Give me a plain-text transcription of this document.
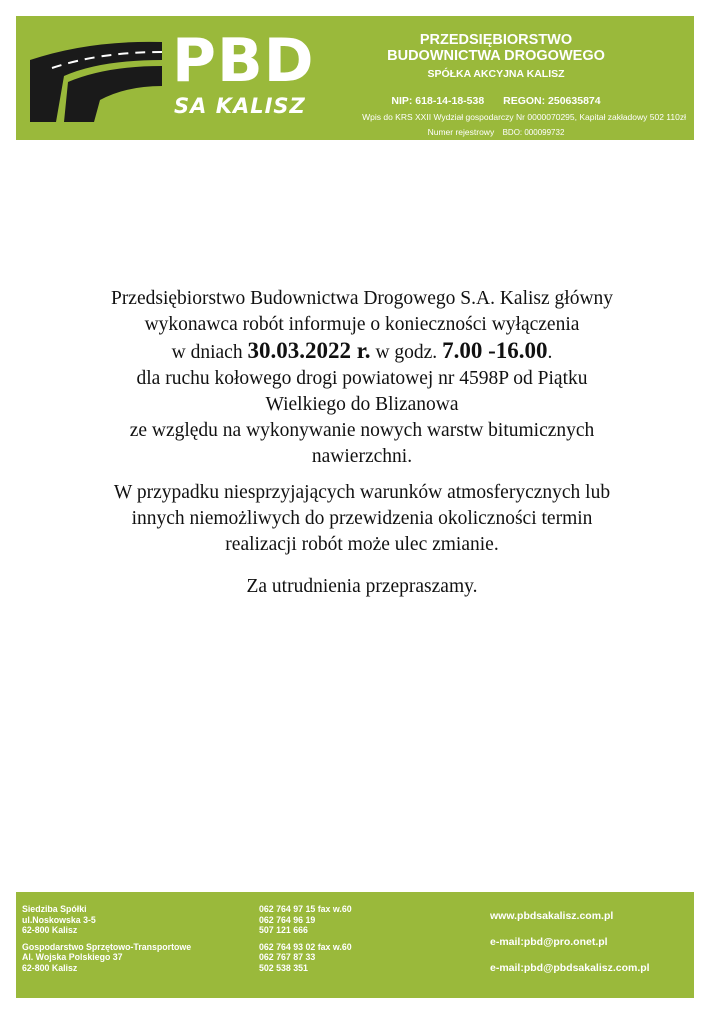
PBD
SA KALISZ
PRZEDSIĘBIORSTWO
BUDOWNICTWA DROGOWEGO
SPÓŁKA AKCYJNA KALISZ
NIP: 618-14-18-538 REGON: 250635874
Wpis do KRS XXII Wydział gospodarczy Nr 0000070295, Kapitał zakładowy 502 110zł
Numer rejestrowy BDO: 000099732

Przedsiębiorstwo Budownictwa Drogowego S.A. Kalisz główny
wykonawca robót informuje o konieczności wyłączenia
w dniach 30.03.2022 r. w godz. 7.00 -16.00.
dla ruchu kołowego drogi powiatowej nr 4598P od Piątku
Wielkiego do Blizanowa
ze względu na wykonywanie nowych warstw bitumicznych
nawierzchni.

W przypadku niesprzyjających warunków atmosferycznych lub
innych niemożliwych do przewidzenia okoliczności termin
realizacji robót może ulec zmianie.

Za utrudnienia przepraszamy.

Siedziba Spółki
ul.Noskowska 3-5
62-800 Kalisz
Gospodarstwo Sprzętowo-Transportowe
Al. Wojska Polskiego 37
62-800 Kalisz
062 764 97 15 fax w.60
062 764 96 19
507 121 666
062 764 93 02 fax w.60
062 767 87 33
502 538 351
www.pbdsakalisz.com.pl
e-mail:pbd@pro.onet.pl
e-mail:pbd@pbdsakalisz.com.pl
